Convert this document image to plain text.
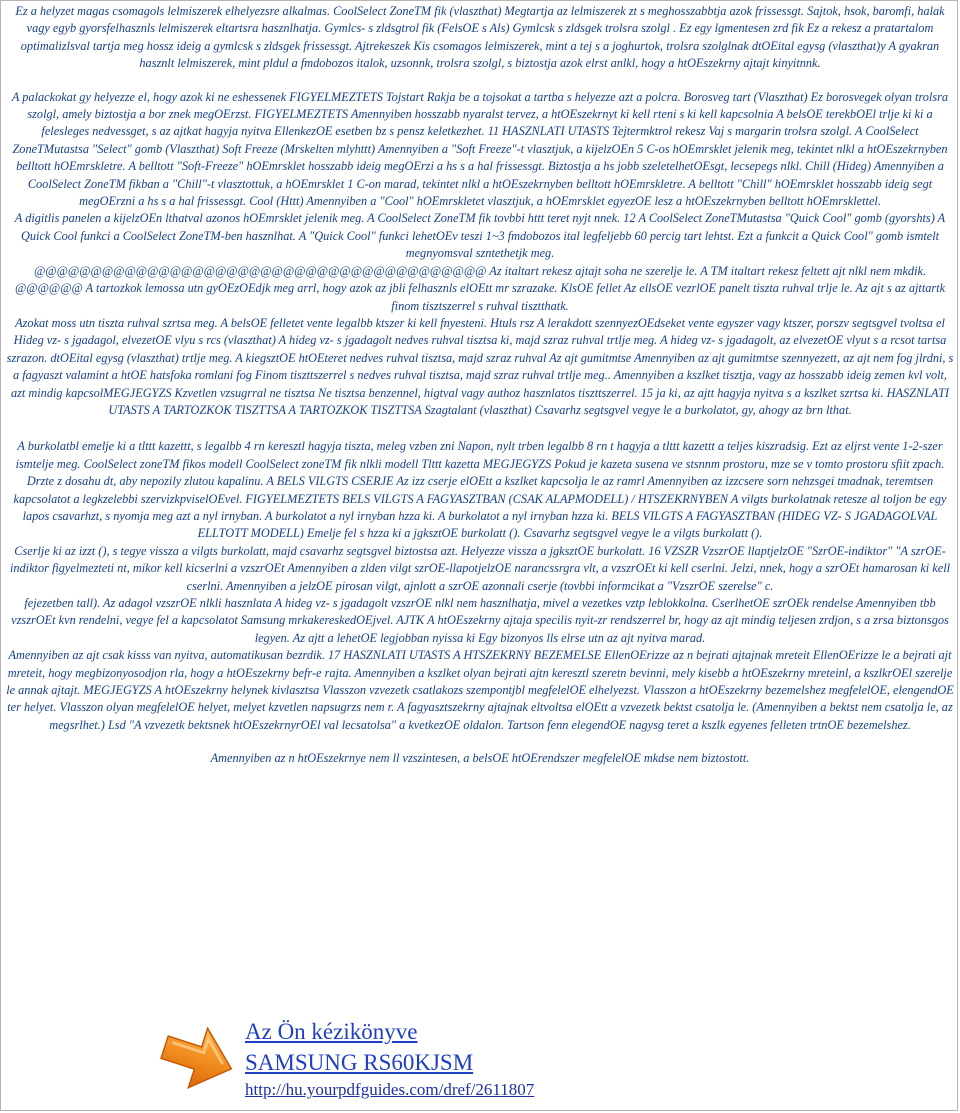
Ez a helyzet magas csomagols lelmiszerek elhelyezsre alkalmas. CoolSelect ZoneTM fik (vlaszthat) Megtartja az lelmiszerek zt s meghosszabbtja azok frissessgt. Sajtok, hsok, baromfi, halak vagy egyb gyorsfelhasznls lelmiszerek eltartsra hasznlhatja. Gymlcs- s zldsgtrol fik (FelsOE s Als) Gymlcsk s zldsgek trolsra szolgl . Ez egy lgmentesen zrd fik Ez a rekesz a pratartalom optimalizlsval tartja meg hossz ideig a gymlcsk s zldsgek frissessgt. Ajtrekeszek Kis csomagos lelmiszerek, mint a tej s a joghurtok, trolsra szolglnak dtOEital egysg (vlaszthat)y A gyakran hasznlt lelmiszerek, mint pldul a fmdobozos italok, uzsonnk, trolsra szolgl, s biztostja azok elrst anlkl, hogy a htOEszekrny ajtajt kinyitnnk.

A palackokat gy helyezze el, hogy azok ki ne eshessenek FIGYELMEZTETS Tojstart Rakja be a tojsokat a tartba s helyezze azt a polcra. Borosveg tart (Vlaszthat) Ez borosvegek olyan trolsra szolgl, amely biztostja a bor znek megOErzst. FIGYELMEZTETS Amennyiben hosszabb nyaralst tervez, a htOEszekrnyt ki kell rteni s ki kell kapcsolnia A belsOE terekbOEl trlje ki ki a felesleges nedvessget, s az ajtkat hagyja nyitva EllenkezOE esetben bz s pensz keletkezhet. 11 HASZNLATI UTASTS Tejtermktrol rekesz Vaj s margarin trolsra szolgl. A CoolSelect ZoneTMutastsa "Select" gomb (Vlaszthat) Soft Freeze (Mrskelten mlyhttt) Amennyiben a "Soft Freeze"-t vlasztjuk, a kijelzOEn 5 C-os hOEmrsklet jelenik meg, tekintet nlkl a htOEszekrnyben belltott hOEmrskletre. A belltott "Soft-Freeze" hOEmrsklet hosszabb ideig megOErzi a hs s a hal frissessgt. Biztostja a hs jobb szeletelhetOEsgt, lecsepegs nlkl. Chill (Hideg) Amennyiben a CoolSelect ZoneTM fikban a "Chill"-t vlasztottuk, a hOEmrsklet 1 C-on marad, tekintet nlkl a htOEszekrnyben belltott hOEmrskletre. A belltott "Chill" hOEmrsklet hosszabb ideig segt megOErzni a hs s a hal frissessgt. Cool (Httt) Amennyiben a "Cool" hOEmrskletet vlasztjuk, a hOEmrsklet egyezOE lesz a htOEszekrnyben belltott hOEmrsklettel.

A digitlis panelen a kijelzOEn lthatval azonos hOEmrsklet jelenik meg. A CoolSelect ZoneTM fik tovbbi httt teret nyjt nnek. 12 A CoolSelect ZoneTMutastsa "Quick Cool" gomb (gyorshts) A Quick Cool funkci a CoolSelect ZoneTM-ben hasznlhat. A "Quick Cool" funkci lehetOEv teszi 1~3 fmdobozos ital legfeljebb 60 percig tart lehtst. Ezt a funkcit a Quick Cool" gomb ismtelt megnyomsval szntethetjk meg.

@@@@@@@@@@@@@@@@@@@@@@@@@@@@@@@@@@@@@@@@ Az italtart rekesz ajtajt soha ne szerelje le. A TM italtart rekesz feltett ajt nlkl nem mkdik. @@@@@@ A tartozkok lemossa utn gyOEzOEdjk meg arrl, hogy azok az jbli felhasznls elOEtt mr szrazake. KlsOE fellet Az ellsOE vezrlOE panelt tiszta ruhval trlje le. Az ajt s az ajttartk finom tisztszerrel s ruhval tisztthatk.

Azokat moss utn tiszta ruhval szrtsa meg. A belsOE felletet vente legalbb ktszer ki kell fnyesteni. Htuls rsz A lerakdott szennyezOEdseket vente egyszer vagy ktszer, porszv segtsgvel tvoltsa el Hideg vz- s jgadagol, elvezetOE vlyu s rcs (vlaszthat) A hideg vz- s jgadagolt nedves ruhval tisztsa ki, majd szraz ruhval trtlje meg. A hideg vz- s jgadagolt, az elvezetOE vlyut s a rcsot tartsa szrazon. dtOEital egysg (vlaszthat) trtlje meg. A kiegsztOE htOEteret nedves ruhval tisztsa, majd szraz ruhval Az ajt gumitmtse Amennyiben az ajt gumitmtse szennyezett, az ajt nem fog jlrdni, s a fagyaszt valamint a htOE hatsfoka romlani fog Finom tiszttszerrel s nedves ruhval tisztsa, majd szraz ruhval trtlje meg.. Amennyiben a kszlket tisztja, vagy az hosszabb ideig zemen kvl volt, azt mindig kapcsolMEGJEGYZS Kzvetlen vzsugrral ne tisztsa Ne tisztsa benzennel, higtval vagy authoz hasznlatos tiszttszerrel. 15 ja ki, az ajtt hagyja nyitva s a kszlket szrtsa ki. HASZNLATI UTASTS A TARTOZKOK TISZTTSA A TARTOZKOK TISZTTSA Szagtalant (vlaszthat) Csavarhz segtsgvel vegye le a burkolatot, gy, ahogy az brn lthat.

A burkolatbl emelje ki a tlttt kazettt, s legalbb 4 rn keresztl hagyja tiszta, meleg vzben zni Napon, nylt trben legalbb 8 rn t hagyja a tlttt kazettt a teljes kiszradsig. Ezt az eljrst vente 1-2-szer ismtelje meg. CoolSelect zoneTM fikos modell CoolSelect zoneTM fik nlkli modell Tlttt kazetta MEGJEGYZS Pokud je kazeta susena ve stsnnm prostoru, mze se v tomto prostoru sfiit zpach. Drzte z dosahu dt, aby nepozily zlutou kapalinu. A BELS VILGTS CSERJE Az izz cserje elOEtt a kszlket kapcsolja le az ramrl Amennyiben az izzcsere sorn nehzsgei tmadnak, teremtsen kapcsolatot a legkzelebbi szervizkpviselOEvel. FIGYELMEZTETS BELS VILGTS A FAGYASZTBAN (CSAK ALAPMODELL) / HTSZEKRNYBEN A vilgts burkolatnak retesze al toljon be egy lapos csavarhzt, s nyomja meg azt a nyl irnyban. A burkolatot a nyl irnyban hzza ki. A burkolatot a nyl irnyban hzza ki. BELS VILGTS A FAGYASZTBAN (HIDEG VZ- S JGADAGOLVAL ELLTOTT MODELL) Emelje fel s hzza ki a jgksztOE burkolatt (). Csavarhz segtsgvel vegye le a vilgts burkolatt ().

Cserlje ki az izzt (), s tegye vissza a vilgts burkolatt, majd csavarhz segtsgvel biztostsa azt. Helyezze vissza a jgksztOE burkolatt. 16 VZSZR VzszrOE llaptjelzOE "SzrOE-indiktor" "A szrOE-indiktor figyelmezteti nt, mikor kell kicserlni a vzszrOEt Amennyiben a zlden vilgt szrOE-llapotjelzOE narancssrgra vlt, a vzszrOEt ki kell cserlni. Jelzi, nnek, hogy a szrOEt hamarosan ki kell cserlni. Amennyiben a jelzOE pirosan vilgt, ajnlott a szrOE azonnali cserje (tovbbi informcikat a "VzszrOE szerelse" c.

fejezetben tall). Az adagol vzszrOE nlkli hasznlata A hideg vz- s jgadagolt vzszrOE nlkl nem hasznlhatja, mivel a vezetkes vztp leblokkolna. CserlhetOE szrOEk rendelse Amennyiben tbb vzszrOEt kvn rendelni, vegye fel a kapcsolatot Samsung mrkakereskedOEjvel. AJTK A htOEszekrny ajtaja specilis nyit-zr rendszerrel br, hogy az ajt mindig teljesen zrdjon, s a zrsa biztonsgos legyen. Az ajtt a lehetOE legjobban nyissa ki Egy bizonyos lls elrse utn az ajt nyitva marad.

Amennyiben az ajt csak kisss van nyitva, automatikusan bezrdik. 17 HASZNLATI UTASTS A HTSZEKRNY BEZEMELSE EllenOErizze az n bejrati ajtajnak mreteit EllenOErizze le a bejrati ajt mreteit, hogy megbizonyosodjon rla, hogy a htOEszekrny befr-e rajta. Amennyiben a kszlket olyan bejrati ajtn keresztl szeretn bevinni, mely kisebb a htOEszekrny mreteinl, a kszlkrOEl szerelje le annak ajtajt. MEGJEGYZS A htOEszekrny helynek kivlasztsa Vlasszon vzvezetk csatlakozs szempontjbl megfelelOE elhelyezst. Vlasszon a htOEszekrny bezemelshez megfelelOE, elengendOE ter helyet. Vlasszon olyan megfelelOE helyet, melyet kzvetlen napsugrzs nem r. A fagyasztszekrny ajtajnak eltvoltsa elOEtt a vzvezetk bektst csatolja le. (Amennyiben a bektst nem csatolja le, az megsrlhet.) Lsd "A vzvezetk bektsnek htOEszekrnyrOEl val lecsatolsa" a kvetkezOE oldalon. Tartson fenn elegendOE nagysg teret a kszlk egyenes felleten trtnOE bezemelshez.

Amennyiben az n htOEszekrnye nem ll vzszintesen, a belsOE htOErendszer megfelelOE mkdse nem biztostott.

Az Ön kézikönyve
SAMSUNG RS60KJSM
http://hu.yourpdfguides.com/dref/2611807
